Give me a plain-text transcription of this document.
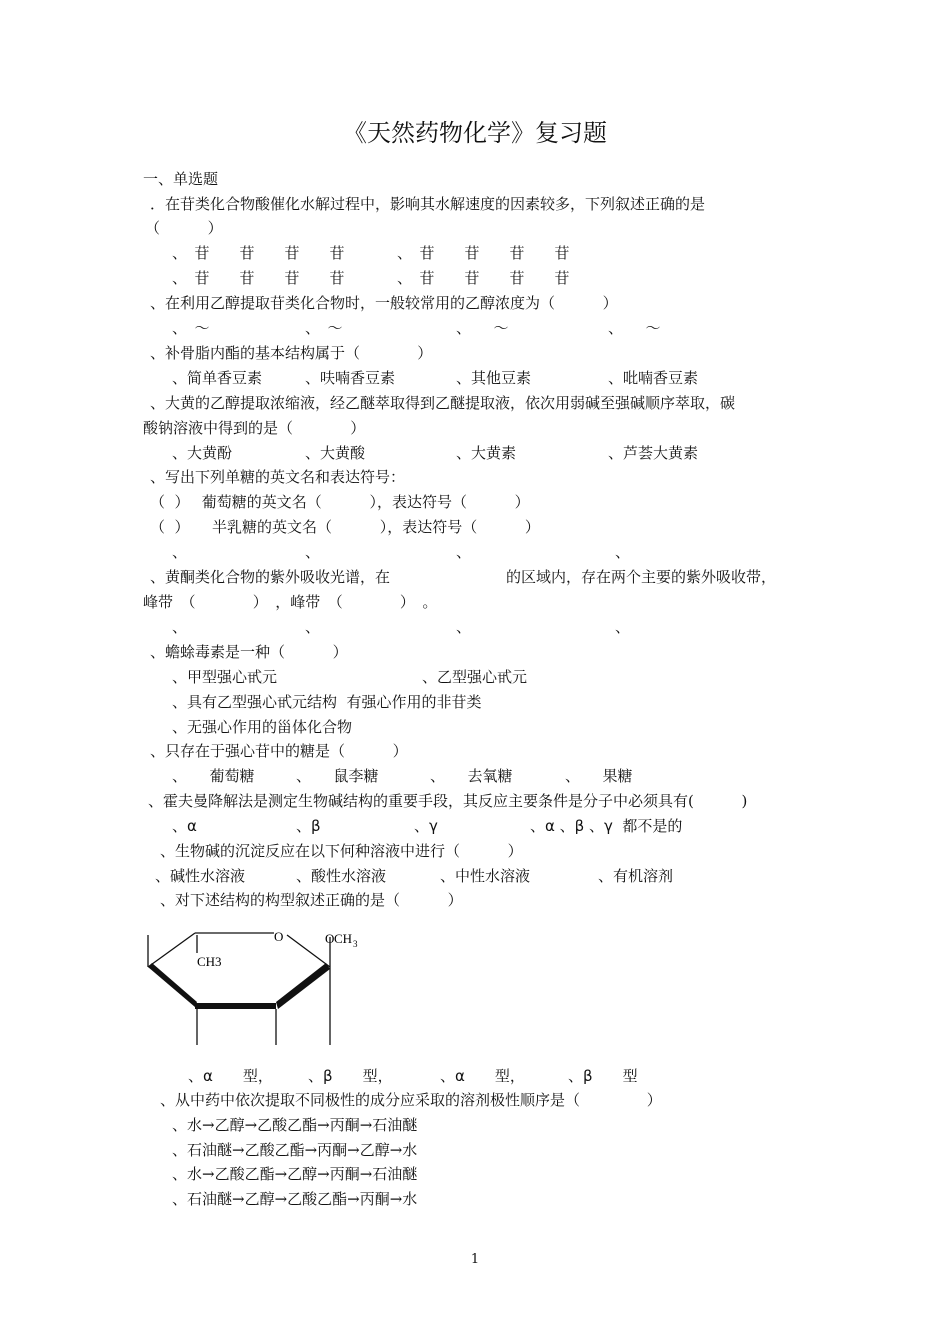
《天然药物化学》复习题
一、单选题
．在苷类化合物酸催化水解过程中，影响其水解速度的因素较多，下列叙述正确的是
（          ）
、　苷　　苷　　苷　　苷	、　苷　　苷　　苷　　苷
、　苷　　苷　　苷　　苷	、　苷　　苷　　苷　　苷
、在利用乙醇提取苷类化合物时，一般较常用的乙醇浓度为（          ）
、　～	、　～	、　　～	、　　～
、补骨脂内酯的基本结构属于（            ）
、简单香豆素	、呋喃香豆素	、其他豆素	、吡喃香豆素
、大黄的乙醇提取浓缩液，经乙醚萃取得到乙醚提取液，依次用弱碱至强碱顺序萃取，碳
酸钠溶液中得到的是（            ）
、大黄酚	、大黄酸	、大黄素	、芦荟大黄素
、写出下列单糖的英文名和表达符号：
（  ）　 葡萄糖的英文名（          ），表达符号（          ）
（  ）　　半乳糖的英文名（          ），表达符号（          ）
、	、	、	、
、黄酮类化合物的紫外吸收光谱，在	的区域内，存在两个主要的紫外吸收带，
峰带　（            ）　，峰带　（            ）　。
、	、	、	、
、蟾蜍毒素是一种（          ）
、甲型强心甙元	、乙型强心甙元
、具有乙型强心甙元结构  有强心作用的非苷类
、无强心作用的甾体化合物
、只存在于强心苷中的糖是（          ）
、　　葡萄糖	、　　鼠李糖	、　　去氧糖	、　　果糖
、霍夫曼降解法是测定生物碱结构的重要手段，其反应主要条件是分子中必须具有(          )
、α	、β	、γ	、α 、β 、γ  都不是的
、生物碱的沉淀反应在以下何种溶液中进行（          ）
、碱性水溶液	、酸性水溶液	、中性水溶液	、有机溶剂
、对下述结构的构型叙述正确的是（          ）
O	O CH 3
CH3
、α　　型， 、β　　型，	、α　　型，	、β　　型
、从中药中依次提取不同极性的成分应采取的溶剂极性顺序是（              ）
、水→乙醇→乙酸乙酯→丙酮→石油醚
、石油醚→乙酸乙酯→丙酮→乙醇→水
、水→乙酸乙酯→乙醇→丙酮→石油醚
、石油醚→乙醇→乙酸乙酯→丙酮→水
1
